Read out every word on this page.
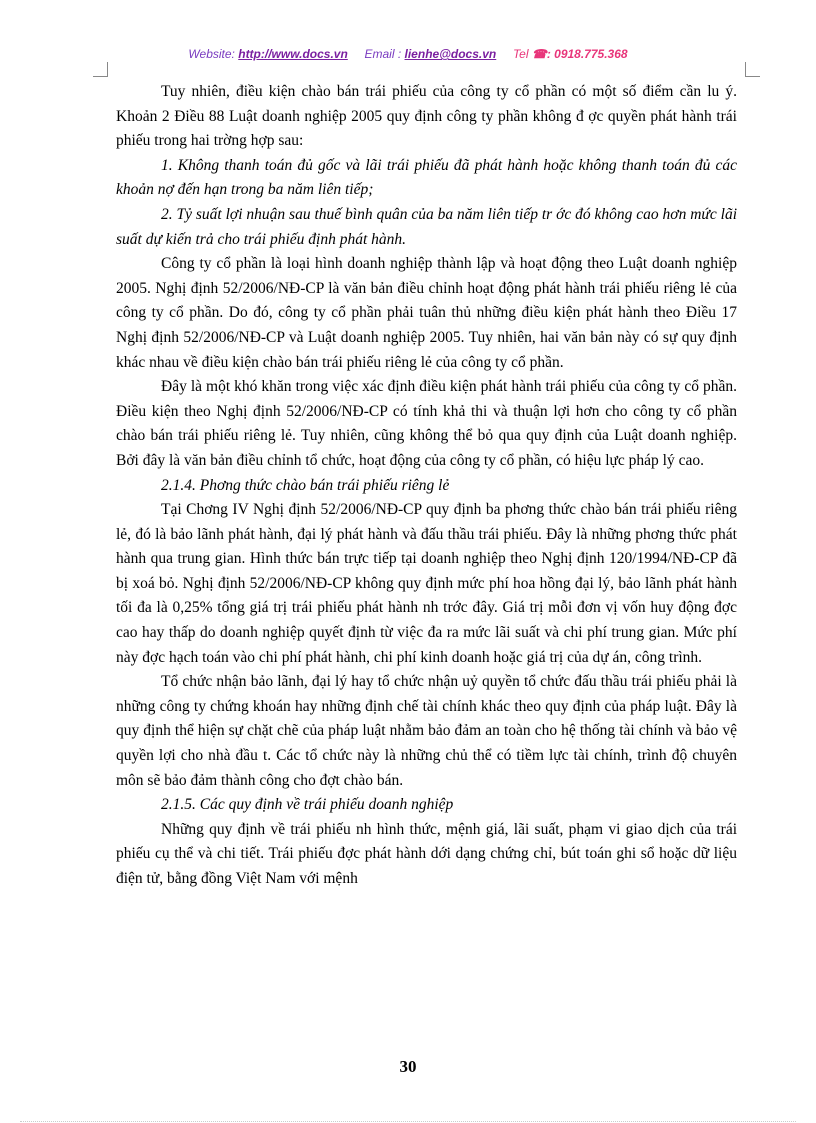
Website: http://www.docs.vn Email : lienhe@docs.vn Tel ☎: 0918.775.368

Tuy nhiên, điều kiện chào bán trái phiếu của công ty cổ phần có một số điểm cần lu ý. Khoản 2 Điều 88 Luật doanh nghiệp 2005 quy định công ty phần không đ ợc quyền phát hành trái phiếu trong hai trờng hợp sau:

1. Không thanh toán đủ gốc và lãi trái phiếu đã phát hành hoặc không thanh toán đủ các khoản nợ đến hạn trong ba năm liên tiếp;

2. Tỷ suất lợi nhuận sau thuế bình quân của ba năm liên tiếp tr ớc đó không cao hơn mức lãi suất dự kiến trả cho trái phiếu định phát hành.

Công ty cổ phần là loại hình doanh nghiệp thành lập và hoạt động theo Luật doanh nghiệp 2005. Nghị định 52/2006/NĐ-CP là văn bản điều chỉnh hoạt động phát hành trái phiếu riêng lẻ của công ty cổ phần. Do đó, công ty cổ phần phải tuân thủ những điều kiện phát hành theo Điều 17 Nghị định 52/2006/NĐ-CP và Luật doanh nghiệp 2005. Tuy nhiên, hai văn bản này có sự quy định khác nhau về điều kiện chào bán trái phiếu riêng lẻ của công ty cổ phần.

Đây là một khó khăn trong việc xác định điều kiện phát hành trái phiếu của công ty cổ phần. Điều kiện theo Nghị định 52/2006/NĐ-CP có tính khả thi và thuận lợi hơn cho công ty cổ phần chào bán trái phiếu riêng lẻ. Tuy nhiên, cũng không thể bỏ qua quy định của Luật doanh nghiệp. Bởi đây là văn bản điều chỉnh tổ chức, hoạt động của công ty cổ phần, có hiệu lực pháp lý cao.

2.1.4. Phơng thức chào bán trái phiếu riêng lẻ

Tại Chơng IV Nghị định 52/2006/NĐ-CP quy định ba phơng thức chào bán trái phiếu riêng lẻ, đó là bảo lãnh phát hành, đại lý phát hành và đấu thầu trái phiếu. Đây là những phơng thức phát hành qua trung gian. Hình thức bán trực tiếp tại doanh nghiệp theo Nghị định 120/1994/NĐ-CP đã bị xoá bỏ. Nghị định 52/2006/NĐ-CP không quy định mức phí hoa hồng đại lý, bảo lãnh phát hành tối đa là 0,25% tổng giá trị trái phiếu phát hành nh trớc đây. Giá trị mỗi đơn vị vốn huy động đợc cao hay thấp do doanh nghiệp quyết định từ việc đa ra mức lãi suất và chi phí trung gian. Mức phí này đợc hạch toán vào chi phí phát hành, chi phí kinh doanh hoặc giá trị của dự án, công trình.

Tổ chức nhận bảo lãnh, đại lý hay tổ chức nhận uỷ quyền tổ chức đấu thầu trái phiếu phải là những công ty chứng khoán hay những định chế tài chính khác theo quy định của pháp luật. Đây là quy định thể hiện sự chặt chẽ của pháp luật nhằm bảo đảm an toàn cho hệ thống tài chính và bảo vệ quyền lợi cho nhà đầu t. Các tổ chức này là những chủ thể có tiềm lực tài chính, trình độ chuyên môn sẽ bảo đảm thành công cho đợt chào bán.

2.1.5. Các quy định về trái phiếu doanh nghiệp

Những quy định về trái phiếu nh hình thức, mệnh giá, lãi suất, phạm vi giao dịch của trái phiếu cụ thể và chi tiết. Trái phiếu đợc phát hành dới dạng chứng chỉ, bút toán ghi sổ hoặc dữ liệu điện tử, bằng đồng Việt Nam với mệnh

30
